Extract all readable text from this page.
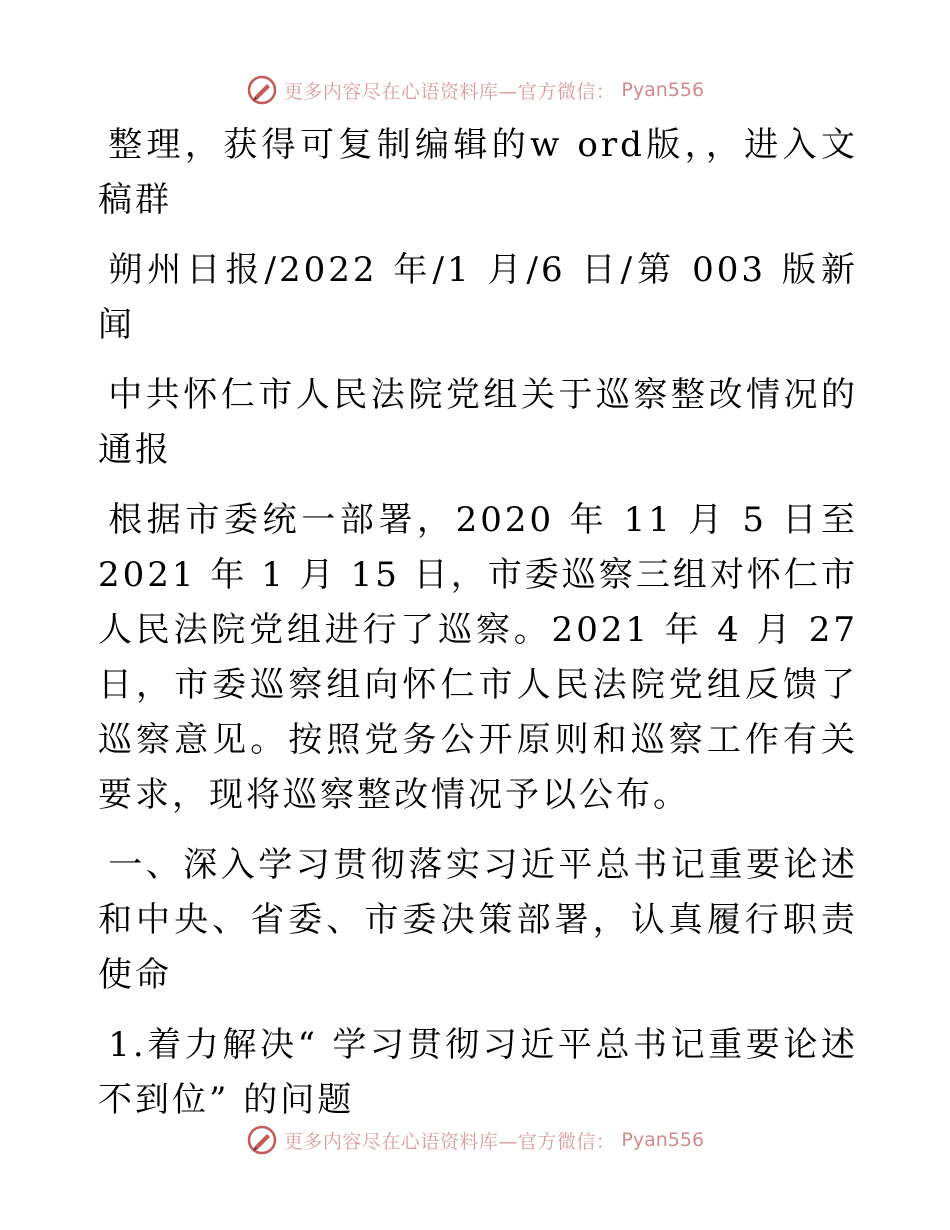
更多内容尽在心语资料库—官方微信： Pyan556

整理，获得可复制编辑的w ord版，，进入文稿群

朔州日报/2022 年/1 月/6 日/第 003 版新闻

中共怀仁市人民法院党组关于巡察整改情况的通报

根据市委统一部署，2020 年 11 月 5 日至 2021 年 1 月 15 日，市委巡察三组对怀仁市人民法院党组进行了巡察。2021 年 4 月 27 日，市委巡察组向怀仁市人民法院党组反馈了巡察意见。按照党务公开原则和巡察工作有关要求，现将巡察整改情况予以公布。

一、深入学习贯彻落实习近平总书记重要论述和中央、省委、市委决策部署，认真履行职责使命

1.着力解决“ 学习贯彻习近平总书记重要论述不到位” 的问题

更多内容尽在心语资料库—官方微信： Pyan556
